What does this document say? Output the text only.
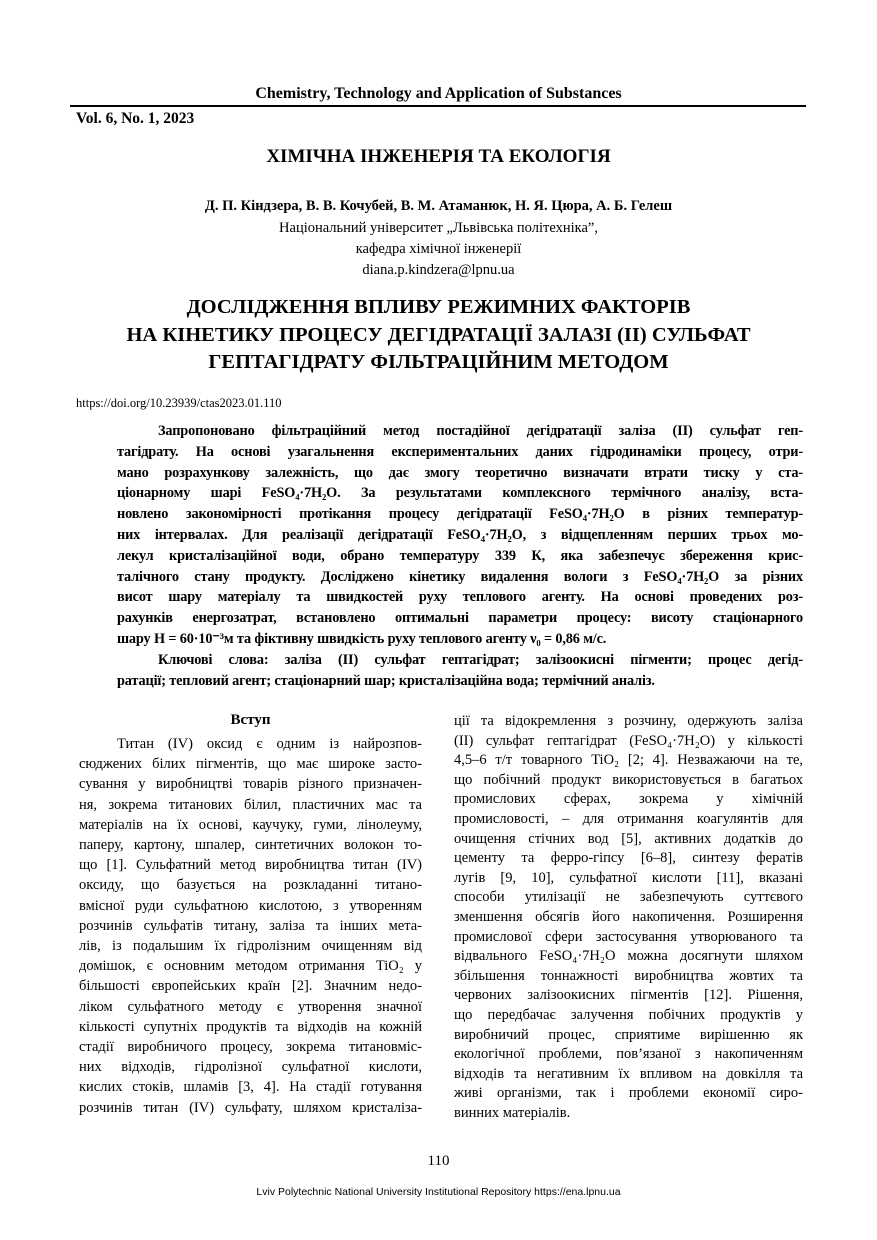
Chemistry, Technology and Application of Substances
Vol. 6, No. 1, 2023
ХІМІЧНА ІНЖЕНЕРІЯ ТА ЕКОЛОГІЯ
Д. П. Кіндзера, В. В. Кочубей, В. М. Атаманюк, Н. Я. Цюра, А. Б. Гелеш
Національний університет „Львівська політехніка”,
кафедра хімічної інженерії
diana.p.kindzera@lpnu.ua
ДОСЛІДЖЕННЯ ВПЛИВУ РЕЖИМНИХ ФАКТОРІВ
НА КІНЕТИКУ ПРОЦЕСУ ДЕГІДРАТАЦІЇ ЗАЛАЗІ (II) СУЛЬФАТ
ГЕПТАГІДРАТУ ФІЛЬТРАЦІЙНИМ МЕТОДОМ
https://doi.org/10.23939/ctas2023.01.110
Запропоновано фільтраційний метод постадійної дегідратації заліза (II) сульфат геп-
тагідрату. На основі узагальнення експериментальних даних гідродинаміки процесу, отри-
мано розрахункову залежність, що дає змогу теоретично визначати втрати тиску у ста-
ціонарному шарі FeSO₄·7H₂O. За результатами комплексного термічного аналізу, вста-
новлено закономірності протікання процесу дегідратації FeSO₄·7H₂O в різних температур-
них інтервалах. Для реалізації дегідратації FeSO₄·7H₂O, з відщепленням перших трьох мо-
лекул кристалізаційної води, обрано температуру 339 К, яка забезпечує збереження крис-
талічного стану продукту. Досліджено кінетику видалення вологи з FeSO₄·7H₂O за різних
висот шару матеріалу та швидкостей руху теплового агенту. На основі проведених роз-
рахунків енергозатрат, встановлено оптимальні параметри процесу: висоту стаціонарного
шару H = 60·10⁻³м та фіктивну швидкість руху теплового агенту ν₀ = 0,86 м/с.
Ключові слова: заліза (II) сульфат гептагідрат; залізоокисні пігменти; процес дегід-
ратації; тепловий агент; стаціонарний шар; кристалізаційна вода; термічний аналіз.
Вступ
Титан (IV) оксид є одним із найрозпов-
сюджених білих пігментів, що має широке засто-
сування у виробництві товарів різного призначен-
ня, зокрема титанових білил, пластичних мас та
матеріалів на їх основі, каучуку, гуми, лінолеуму,
паперу, картону, шпалер, синтетичних волокон то-
що [1]. Сульфатний метод виробництва титан (IV)
оксиду, що базується на розкладанні титано-
вмісної руди сульфатною кислотою, з утворенням
розчинів сульфатів титану, заліза та інших мета-
лів, із подальшим їх гідролізним очищенням від
домішок, є основним методом отримання TiO₂ у
більшості європейських країн [2]. Значним недо-
ліком сульфатного методу є утворення значної
кількості супутніх продуктів та відходів на кожній
стадії виробничого процесу, зокрема титановміс-
них відходів, гідролізної сульфатної кислоти,
кислих стоків, шламів [3, 4]. На стадії готування
розчинів титан (IV) сульфату, шляхом кристаліза-
ції та відокремлення з розчину, одержують заліза
(II) сульфат гептагідрат (FeSO₄·7H₂O) у кількості
4,5–6 т/т товарного TiO₂ [2; 4]. Незважаючи на те,
що побічний продукт використовується в багатьох
промислових сферах, зокрема у хімічній
промисловості, – для отримання коагулянтів для
очищення стічних вод [5], активних додатків до
цементу та ферро-гіпсу [6–8], синтезу ферaтів
лугів [9, 10], сульфатної кислоти [11], вказані
способи утилізації не забезпечують суттєвого
зменшення обсягів його накопичення. Розширення
промислової сфери застосування утворюваного та
відвального FeSO₄·7H₂O можна досягнути шляхом
збільшення тоннажності виробництва жовтих та
червоних залізоокисних пігментів [12]. Рішення,
що передбачає залучення побічних продуктів у
виробничий процес, сприятиме вирішенню як
екологічної проблеми, пов’язаної з накопиченням
відходів та негативним їх впливом на довкілля та
живі організми, так і проблеми економії сиро-
винних матеріалів.
110
Lviv Polytechnic National University Institutional Repository https://ena.lpnu.ua
